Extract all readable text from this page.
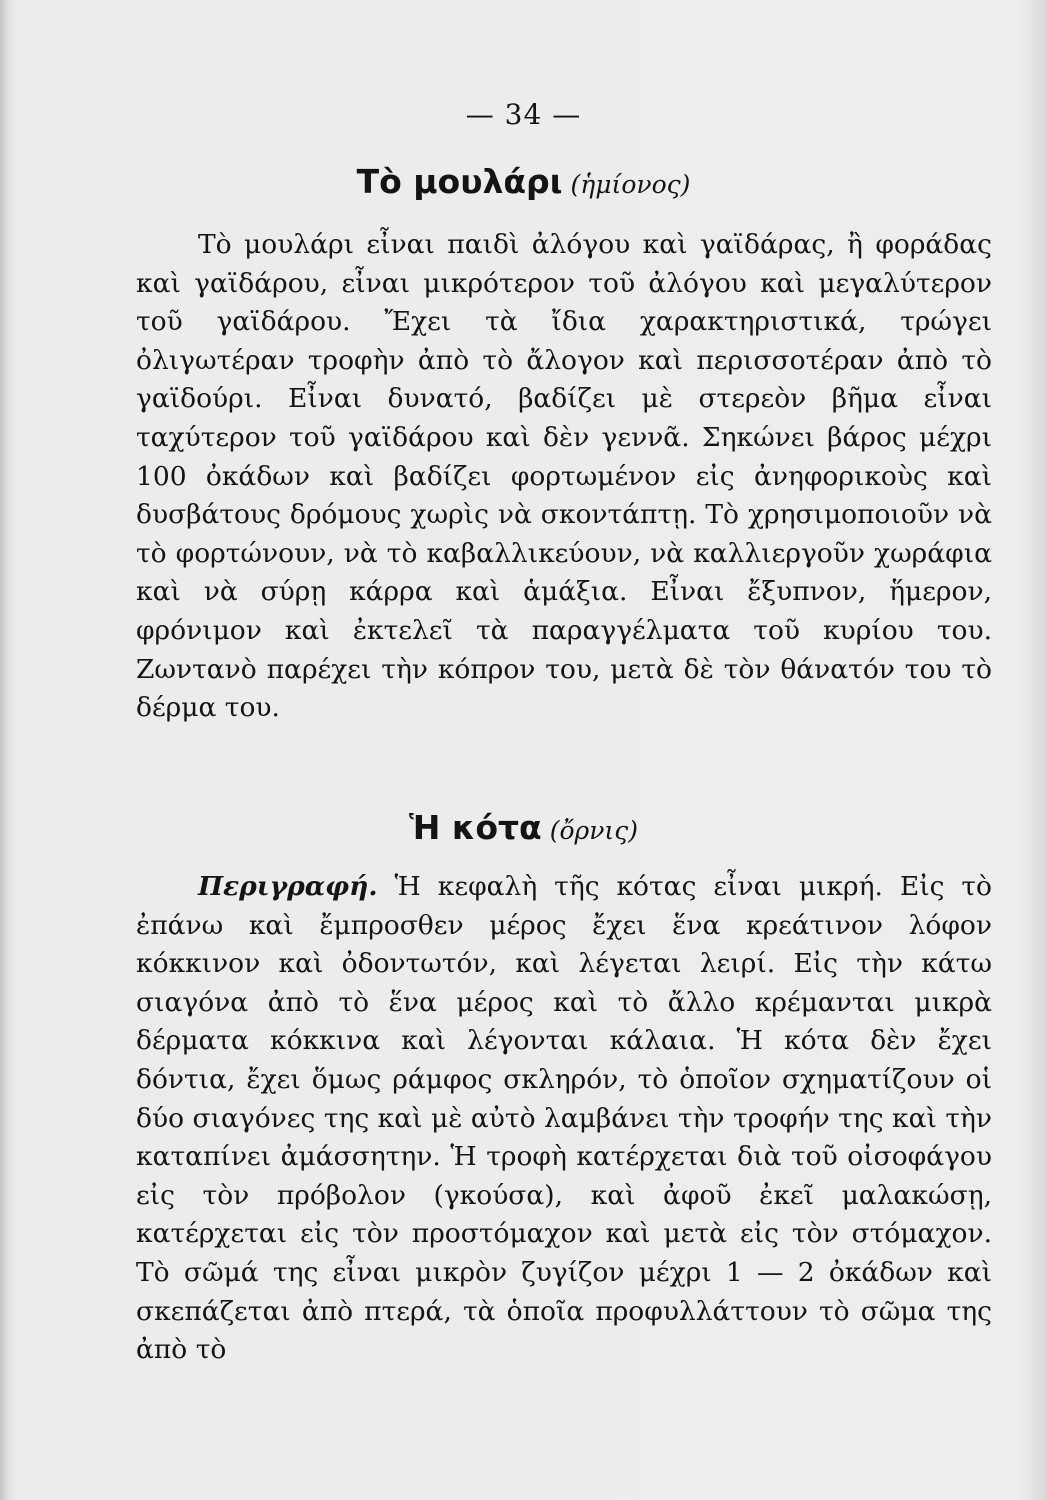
— 34 —
Τὸ μουλάρι (ἡμίονος)

Τὸ μουλάρι εἶναι παιδὶ ἀλόγου καὶ γαϊδάρας, ἢ φοράδας καὶ γαϊδάρου, εἶναι μικρότερον τοῦ ἀλόγου καὶ μεγαλύτερον τοῦ γαϊδάρου. Ἔχει τὰ ἴδια χαρακτηριστικά, τρώγει ὀλιγωτέραν τροφὴν ἀπὸ τὸ ἄλογον καὶ περισσοτέραν ἀπὸ τὸ γαϊδούρι. Εἶναι δυνατό, βαδίζει μὲ στερεὸν βῆμα εἶναι ταχύτερον τοῦ γαϊδάρου καὶ δὲν γεννᾶ. Σηκώνει βάρος μέχρι 100 ὀκάδων καὶ βαδίζει φορτωμένον εἰς ἀνηφορικοὺς καὶ δυσβάτους δρόμους χωρὶς νὰ σκοντάπτῃ. Τὸ χρησιμοποιοῦν νὰ τὸ φορτώνουν, νὰ τὸ καβαλλικεύουν, νὰ καλλιεργοῦν χωράφια καὶ νὰ σύρῃ κάρρα καὶ ἁμάξια. Εἶναι ἔξυπνον, ἥμερον, φρόνιμον καὶ ἐκτελεῖ τὰ παραγγέλματα τοῦ κυρίου του. Ζωντανὸ παρέχει τὴν κόπρον του, μετὰ δὲ τὸν θάνατόν του τὸ δέρμα του.

Ἡ κότα (ὄρνις)

Περιγραφή. Ἡ κεφαλὴ τῆς κότας εἶναι μικρή. Εἰς τὸ ἐπάνω καὶ ἔμπροσθεν μέρος ἔχει ἕνα κρεάτινον λόφον κόκκινον καὶ ὀδοντωτόν, καὶ λέγεται λειρί. Εἰς τὴν κάτω σιαγόνα ἀπὸ τὸ ἕνα μέρος καὶ τὸ ἄλλο κρέμανται μικρὰ δέρματα κόκκινα καὶ λέγονται κάλαια. Ἡ κότα δὲν ἔχει δόντια, ἔχει ὅμως ράμφος σκληρόν, τὸ ὁποῖον σχηματίζουν οἱ δύο σιαγόνες της καὶ μὲ αὐτὸ λαμβάνει τὴν τροφήν της καὶ τὴν καταπίνει ἀμάσσητην. Ἡ τροφὴ κατέρχεται διὰ τοῦ οἰσοφάγου εἰς τὸν πρόβολον (γκούσα), καὶ ἀφοῦ ἐκεῖ μαλακώσῃ, κατέρχεται εἰς τὸν προστόμαχον καὶ μετὰ εἰς τὸν στόμαχον. Τὸ σῶμά της εἶναι μικρὸν ζυγίζον μέχρι 1 — 2 ὀκάδων καὶ σκεπάζεται ἀπὸ πτερά, τὰ ὁποῖα προφυλλάττουν τὸ σῶμα της ἀπὸ τὸ
